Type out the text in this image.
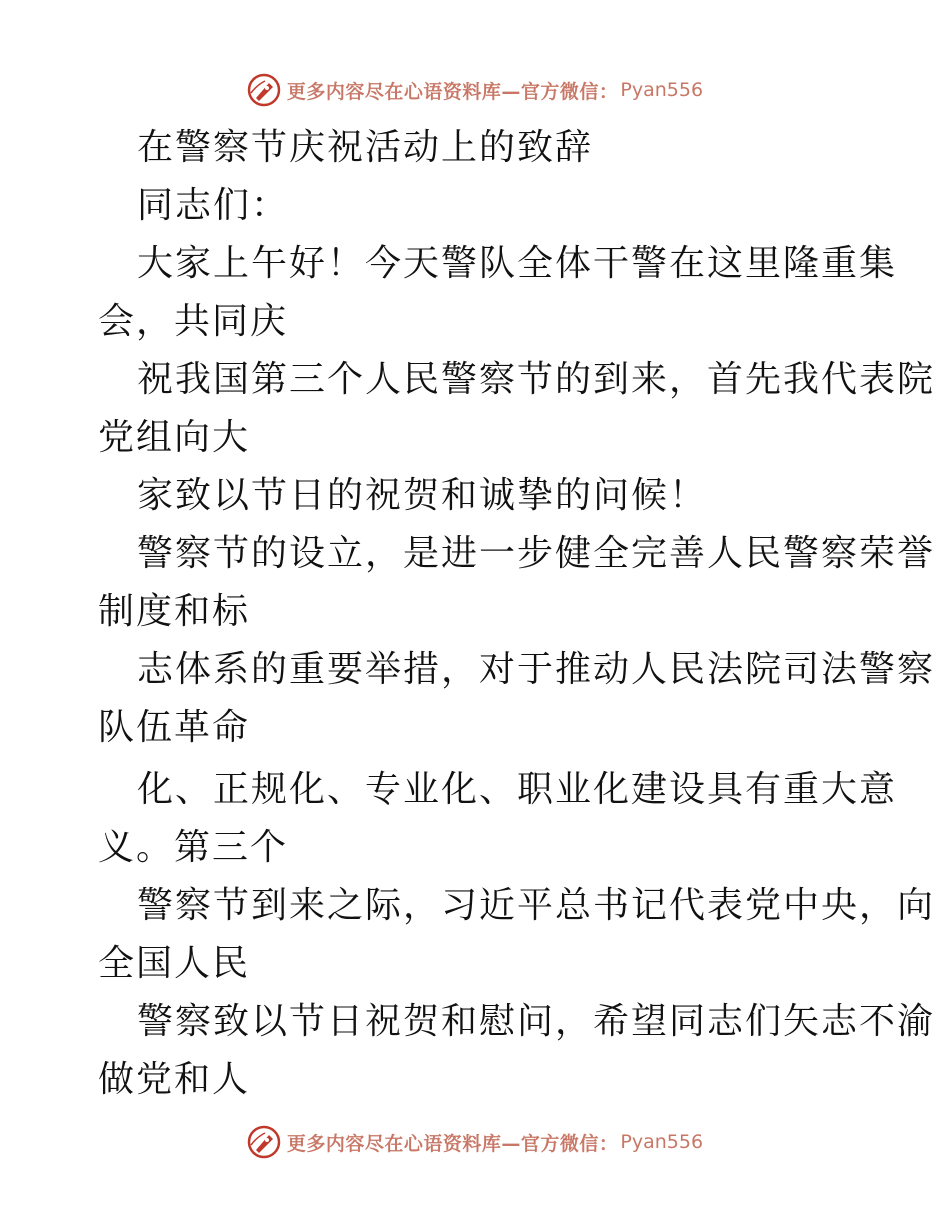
更多内容尽在心语资料库—官方微信： Pyan556
在警察节庆祝活动上的致辞
同志们：
大家上午好！今天警队全体干警在这里隆重集
会，共同庆
祝我国第三个人民警察节的到来，首先我代表院
党组向大
家致以节日的祝贺和诚挚的问候！
警察节的设立，是进一步健全完善人民警察荣誉
制度和标
志体系的重要举措，对于推动人民法院司法警察
队伍革命
化、正规化、专业化、职业化建设具有重大意
义。第三个
警察节到来之际，习近平总书记代表党中央，向
全国人民
警察致以节日祝贺和慰问，希望同志们矢志不渝
做党和人
更多内容尽在心语资料库—官方微信： Pyan556
